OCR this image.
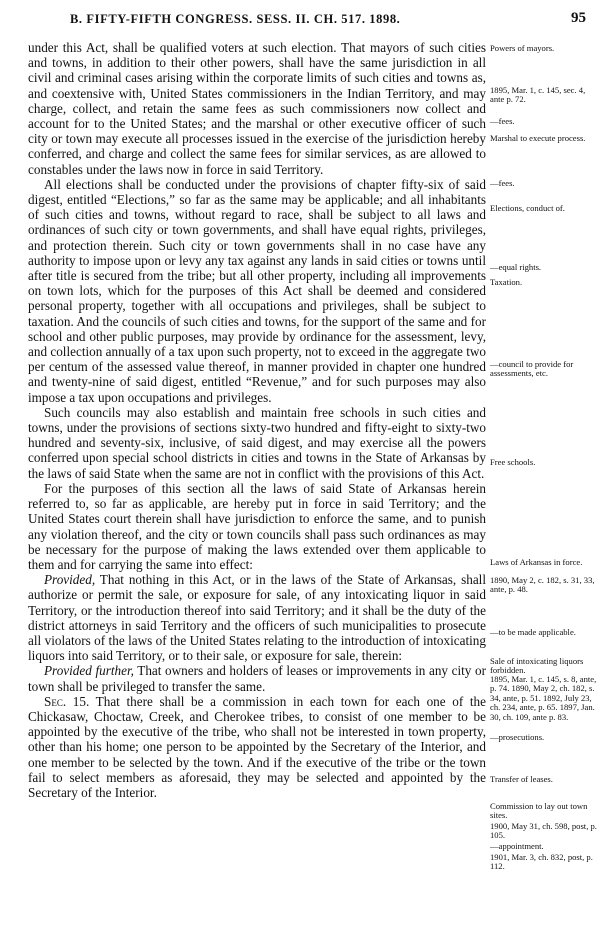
B. FIFTY-FIFTH CONGRESS. SESS. II. CH. 517. 1898.	95

under this Act, shall be qualified voters at such election. That mayors of such cities and towns, in addition to their other powers, shall have the same jurisdiction in all civil and criminal cases arising within the corporate limits of such cities and towns as, and coextensive with, United States commissioners in the Indian Territory, and may charge, collect, and retain the same fees as such commissioners now collect and account for to the United States; and the marshal or other executive officer of such city or town may execute all processes issued in the exercise of the jurisdiction hereby conferred, and charge and collect the same fees for similar services, as are allowed to constables under the laws now in force in said Territory.

All elections shall be conducted under the provisions of chapter fifty-six of said digest, entitled “Elections,” so far as the same may be applicable; and all inhabitants of such cities and towns, without regard to race, shall be subject to all laws and ordinances of such city or town governments, and shall have equal rights, privileges, and protection therein. Such city or town governments shall in no case have any authority to impose upon or levy any tax against any lands in said cities or towns until after title is secured from the tribe; but all other property, including all improvements on town lots, which for the purposes of this Act shall be deemed and considered personal property, together with all occupations and privileges, shall be subject to taxation. And the councils of such cities and towns, for the support of the same and for school and other public purposes, may provide by ordinance for the assessment, levy, and collection annually of a tax upon such property, not to exceed in the aggregate two per centum of the assessed value thereof, in manner provided in chapter one hundred and twenty-nine of said digest, entitled “Revenue,” and for such purposes may also impose a tax upon occupations and privileges.

Such councils may also establish and maintain free schools in such cities and towns, under the provisions of sections sixty-two hundred and fifty-eight to sixty-two hundred and seventy-six, inclusive, of said digest, and may exercise all the powers conferred upon special school districts in cities and towns in the State of Arkansas by the laws of said State when the same are not in conflict with the provisions of this Act.

For the purposes of this section all the laws of said State of Arkansas herein referred to, so far as applicable, are hereby put in force in said Territory; and the United States court therein shall have jurisdiction to enforce the same, and to punish any violation thereof, and the city or town councils shall pass such ordinances as may be necessary for the purpose of making the laws extended over them applicable to them and for carrying the same into effect:

Provided, That nothing in this Act, or in the laws of the State of Arkansas, shall authorize or permit the sale, or exposure for sale, of any intoxicating liquor in said Territory, or the introduction thereof into said Territory; and it shall be the duty of the district attorneys in said Territory and the officers of such municipalities to prosecute all violators of the laws of the United States relating to the introduction of intoxicating liquors into said Territory, or to their sale, or exposure for sale, therein:

Provided further, That owners and holders of leases or improvements in any city or town shall be privileged to transfer the same.

Sec. 15. That there shall be a commission in each town for each one of the Chickasaw, Choctaw, Creek, and Cherokee tribes, to consist of one member to be appointed by the executive of the tribe, who shall not be interested in town property, other than his home; one person to be appointed by the Secretary of the Interior, and one member to be selected by the town. And if the executive of the tribe or the town fail to select members as aforesaid, they may be selected and appointed by the Secretary of the Interior.

Powers of mayors.
1895, Mar. 1, c. 145, sec. 4, ante p. 72.
—fees.
Marshal to execute process.
—fees.
Elections, conduct of.
—equal rights.
Taxation.
—council to provide for assessments, etc.
Free schools.
Laws of Arkansas in force.
1890, May 2, c. 182, s. 31, 33, ante, p. 48.
—to be made applicable.
Sale of intoxicating liquors forbidden.
1895, Mar. 1, c. 145, s. 8, ante, p. 74. 1890, May 2, ch. 182, s. 34, ante, p. 51. 1892, July 23, ch. 234, ante, p. 65. 1897, Jan. 30, ch. 109, ante p. 83.
—prosecutions.
Transfer of leases.
Commission to lay out town sites.
1900, May 31, ch. 598, post, p. 105.
—appointment.
1901, Mar. 3, ch. 832, post, p. 112.
